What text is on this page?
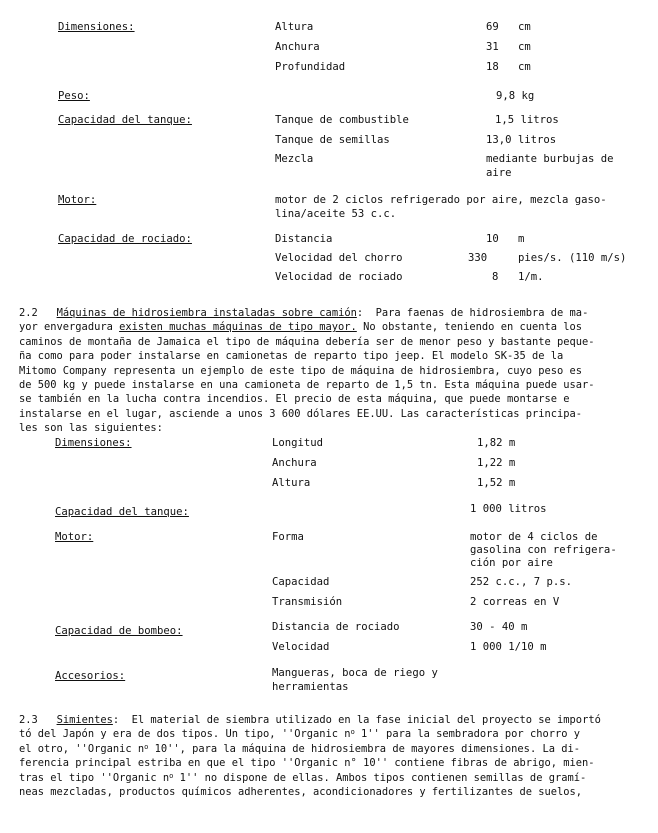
Dimensiones:	Altura	69 cm
Anchura	31 cm
Profundidad	18 cm
Peso:	9,8 kg
Capacidad del tanque:	Tanque de combustible	1,5 litros
Tanque de semillas	13,0 litros
Mezcla	mediante burbujas de
aire
Motor:	motor de 2 ciclos refrigerado por aire, mezcla gaso-
lina/aceite 53 c.c.
Capacidad de rociado:	Distancia	10 m
Velocidad del chorro	330	pies/s. (110 m/s)
Velocidad de rociado	8 1/m.
2.2 Máquinas de hidrosiembra instaladas sobre camión:  Para faenas de hidrosiembra de ma-
yor envergadura existen muchas máquinas de tipo mayor. No obstante, teniendo en cuenta los
caminos de montaña de Jamaica el tipo de máquina debería ser de menor peso y bastante peque-
ña como para poder instalarse en camionetas de reparto tipo jeep. El modelo SK-35 de la
Mitomo Company representa un ejemplo de este tipo de máquina de hidrosiembra, cuyo peso es
de 500 kg y puede instalarse en una camioneta de reparto de 1,5 tn. Esta máquina puede usar-
se también en la lucha contra incendios. El precio de esta máquina, que puede montarse e
instalarse en el lugar, asciende a unos 3 600 dólares EE.UU. Las características principa-
les son las siguientes:
Dimensiones:	Longitud	1,82 m
Anchura	1,22 m
Altura	1,52 m
Capacidad del tanque:	1 000 litros
Motor:	Forma	motor de 4 ciclos de
gasolina con refrigera-
ción por aire
Capacidad	252 c.c., 7 p.s.
Transmisión	2 correas en V
Capacidad de bombeo:	Distancia de rociado	30 - 40 m
Velocidad	1 000 1/10 m
Accesorios:	Mangueras, boca de riego y
herramientas
2.3 Simientes:  El material de siembra utilizado en la fase inicial del proyecto se importó
tó del Japón y era de dos tipos. Un tipo, ''Organic $n^o$ 1'' para la sembradora por chorro y
el otro, ''Organic $n^o$ 10'', para la máquina de hidrosiembra de mayores dimensiones. La di-
ferencia principal estriba en que el tipo ''Organic n° 10'' contiene fibras de abrigo, mien-
tras el tipo ''Organic $n^o$ 1'' no dispone de ellas. Ambos tipos contienen semillas de gramí-
neas mezcladas, productos químicos adherentes, acondicionadores y fertilizantes de suelos,
